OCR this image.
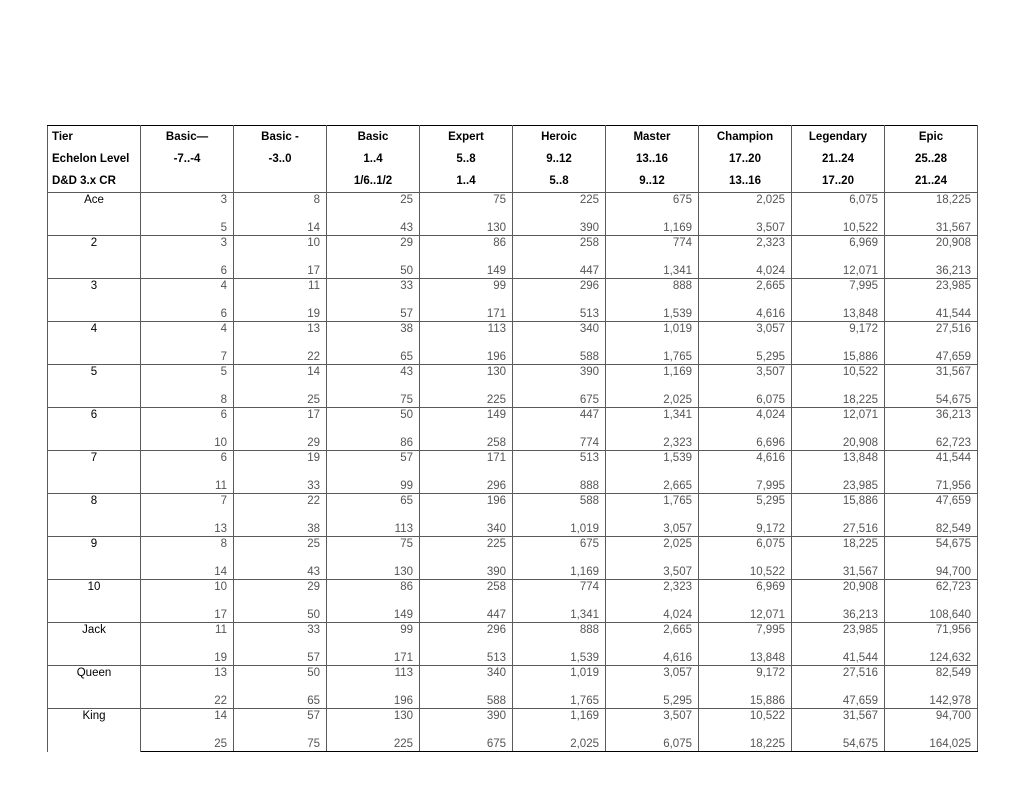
Tier	Basic—	Basic -	Basic	Expert	Heroic	Master	Champion	Legendary	Epic
Echelon Level	-7..-4	-3..0	1..4	5..8	9..12	13..16	17..20	21..24	25..28
D&D 3.x CR			1/6..1/2	1..4	5..8	9..12	13..16	17..20	21..24
Ace	3	8	25	75	225	675	2,025	6,075	18,225
	5	14	43	130	390	1,169	3,507	10,522	31,567
2	3	10	29	86	258	774	2,323	6,969	20,908
	6	17	50	149	447	1,341	4,024	12,071	36,213
3	4	11	33	99	296	888	2,665	7,995	23,985
	6	19	57	171	513	1,539	4,616	13,848	41,544
4	4	13	38	113	340	1,019	3,057	9,172	27,516
	7	22	65	196	588	1,765	5,295	15,886	47,659
5	5	14	43	130	390	1,169	3,507	10,522	31,567
	8	25	75	225	675	2,025	6,075	18,225	54,675
6	6	17	50	149	447	1,341	4,024	12,071	36,213
	10	29	86	258	774	2,323	6,696	20,908	62,723
7	6	19	57	171	513	1,539	4,616	13,848	41,544
	11	33	99	296	888	2,665	7,995	23,985	71,956
8	7	22	65	196	588	1,765	5,295	15,886	47,659
	13	38	113	340	1,019	3,057	9,172	27,516	82,549
9	8	25	75	225	675	2,025	6,075	18,225	54,675
	14	43	130	390	1,169	3,507	10,522	31,567	94,700
10	10	29	86	258	774	2,323	6,969	20,908	62,723
	17	50	149	447	1,341	4,024	12,071	36,213	108,640
Jack	11	33	99	296	888	2,665	7,995	23,985	71,956
	19	57	171	513	1,539	4,616	13,848	41,544	124,632
Queen	13	50	113	340	1,019	3,057	9,172	27,516	82,549
	22	65	196	588	1,765	5,295	15,886	47,659	142,978
King	14	57	130	390	1,169	3,507	10,522	31,567	94,700
	25	75	225	675	2,025	6,075	18,225	54,675	164,025
